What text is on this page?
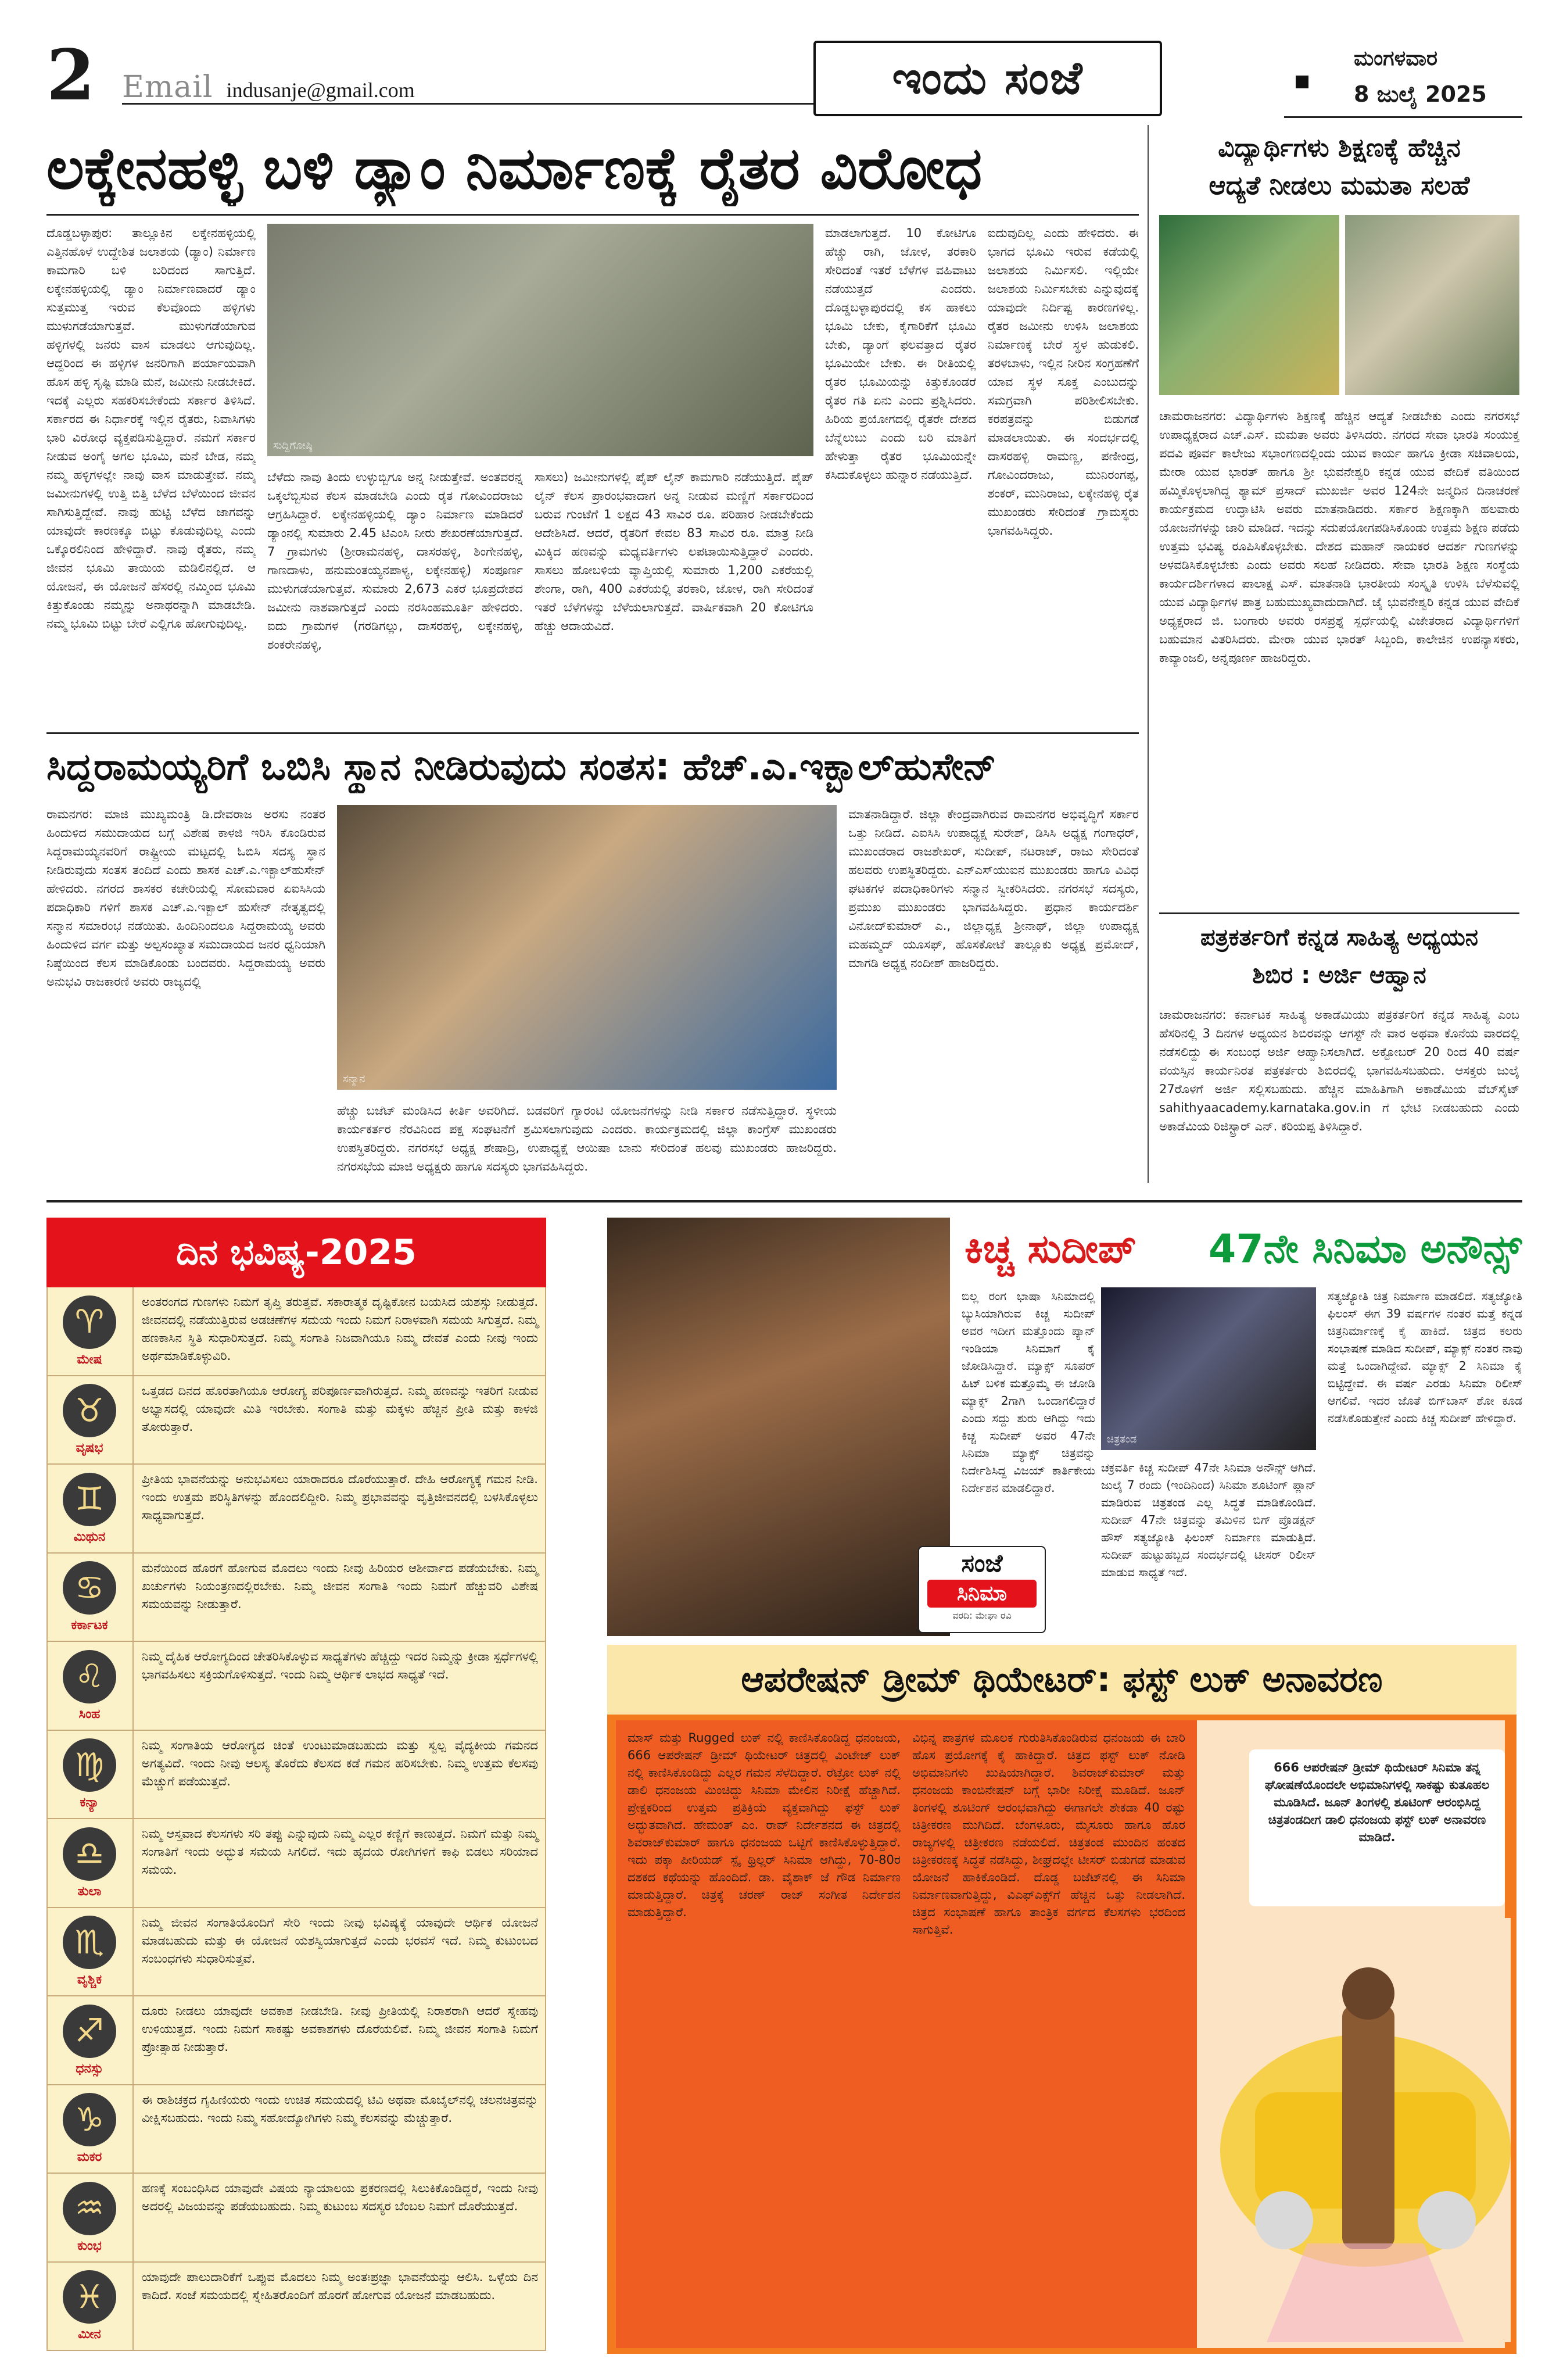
2 Email indusanje@gmail.com	ಇಂದು ಸಂಜೆ	ಮಂಗಳವಾರ
8 ಜುಲೈ 2025
ಲಕ್ಕೇನಹಳ್ಳಿ ಬಳಿ ಡ್ಯಾಂ ನಿರ್ಮಾಣಕ್ಕೆ ರೈತರ ವಿರೋಧ
ದೊಡ್ಡಬಳ್ಳಾಪುರ: ತಾಲ್ಲೂಕಿನ ಲಕ್ಕೇನಹಳ್ಳಿಯಲ್ಲಿ ಎತ್ತಿನಹೊಳೆ ಉದ್ದೇಶಿತ ಜಲಾಶಯ (ಡ್ಯಾಂ) ನಿರ್ಮಾಣ ಕಾಮಗಾರಿ ಬಳಿ ಬರಿದಂದ ಸಾಗುತ್ತಿದೆ. ಲಕ್ಕೇನಹಳ್ಳಿಯಲ್ಲಿ ಡ್ಯಾಂ ನಿರ್ಮಾಣವಾದರೆ ಡ್ಯಾಂ ಸುತ್ತಮುತ್ತ ಇರುವ ಕೆಲವೊಂದು ಹಳ್ಳಿಗಳು ಮುಳುಗಡೆಯಾಗುತ್ತವೆ. ಮುಳುಗಡೆಯಾಗುವ ಹಳ್ಳಿಗಳಲ್ಲಿ ಜನರು ವಾಸ ಮಾಡಲು ಆಗುವುದಿಲ್ಲ. ಆದ್ದರಿಂದ ಈ ಹಳ್ಳಿಗಳ ಜನರಿಗಾಗಿ ಪರ್ಯಾಯವಾಗಿ ಹೊಸ ಹಳ್ಳಿ ಸೃಷ್ಟಿ ಮಾಡಿ ಮನೆ, ಜಮೀನು ನೀಡಬೇಕಿದೆ. ಇದಕ್ಕೆ ಎಲ್ಲರು ಸಹಕರಿಸಬೇಕೆಂದು ಸರ್ಕಾರ ತಿಳಿಸಿದೆ. ಸರ್ಕಾರದ ಈ ನಿರ್ಧಾರಕ್ಕೆ ಇಲ್ಲಿನ ರೈತರು, ನಿವಾಸಿಗಳು ಭಾರಿ ವಿರೋಧ ವ್ಯಕ್ತಪಡಿಸುತ್ತಿದ್ದಾರೆ. ನಮಗೆ ಸರ್ಕಾರ ನೀಡುವ ಅಂಗೈ ಅಗಲ ಭೂಮಿ, ಮನೆ ಬೇಡ, ನಮ್ಮ ನಮ್ಮ ಹಳ್ಳಿಗಳಲ್ಲೇ ನಾವು ವಾಸ ಮಾಡುತ್ತೇವೆ. ನಮ್ಮ ಜಮೀನುಗಳಲ್ಲಿ ಉತ್ತಿ ಬಿತ್ತಿ ಬೆಳೆದ ಬೆಳೆಯಿಂದ ಜೀವನ ಸಾಗಿಸುತ್ತಿದ್ದೇವೆ. ನಾವು ಹುಟ್ಟಿ ಬೆಳೆದ ಜಾಗವನ್ನು ಯಾವುದೇ ಕಾರಣಕ್ಕೂ ಬಿಟ್ಟು ಕೊಡುವುದಿಲ್ಲ ಎಂದು ಒಕ್ಕೊರಲಿನಿಂದ ಹೇಳಿದ್ದಾರೆ. ನಾವು ರೈತರು, ನಮ್ಮ ಜೀವನ ಭೂಮಿ ತಾಯಿಯ ಮಡಿಲಿನಲ್ಲಿದೆ. ಆ ಯೋಜನೆ, ಈ ಯೋಜನೆ ಹೆಸರಲ್ಲಿ ನಮ್ಮಿಂದ ಭೂಮಿ ಕಿತ್ತುಕೊಂಡು ನಮ್ಮನ್ನು ಅನಾಥರನ್ನಾಗಿ ಮಾಡಬೇಡಿ. ನಮ್ಮ ಭೂಮಿ ಬಿಟ್ಟು ಬೇರೆ ಎಲ್ಲಿಗೂ ಹೋಗುವುದಿಲ್ಲ.
ಸುದ್ದಿಗೋಷ್ಠಿ
ಬೆಳೆದು ನಾವು ತಿಂದು ಉಳ್ಳುಬ್ಬಿಗೂ ಅನ್ನ ನೀಡುತ್ತೇವೆ. ಅಂತವರನ್ನ ಒಕ್ಕಲೆಬ್ಬಿಸುವ ಕೆಲಸ ಮಾಡಬೇಡಿ ಎಂದು ರೈತ ಗೋವಿಂದರಾಜು ಆಗ್ರಹಿಸಿದ್ದಾರೆ. ಲಕ್ಕೇನಹಳ್ಳಿಯಲ್ಲಿ ಡ್ಯಾಂ ನಿರ್ಮಾಣ ಮಾಡಿದರೆ ಡ್ಯಾಂನಲ್ಲಿ ಸುಮಾರು 2.45 ಟಿಎಂಸಿ ನೀರು ಶೇಖರಣೆಯಾಗುತ್ತದೆ. 7 ಗ್ರಾಮಗಳು (ಶ್ರೀರಾಮನಹಳ್ಳಿ, ದಾಸರಹಳ್ಳಿ, ಶಿಂಗೇನಹಳ್ಳಿ, ಗಾಣದಾಳು, ಹನುಮಂತಯ್ಯನಪಾಳ್ಯ, ಲಕ್ಕೇನಹಳ್ಳಿ) ಸಂಪೂರ್ಣ ಮುಳುಗಡೆಯಾಗುತ್ತವೆ. ಸುಮಾರು 2,673 ಎಕರೆ ಭೂಪ್ರದೇಶದ ಜಮೀನು ನಾಶವಾಗುತ್ತದೆ ಎಂದು ನರಸಿಂಹಮೂರ್ತಿ ಹೇಳಿದರು. ಐದು ಗ್ರಾಮಗಳ (ಗರಡಿಗಲ್ಲು, ದಾಸರಹಳ್ಳಿ, ಲಕ್ಕೇನಹಳ್ಳಿ, ಶಂಕರೇನಹಳ್ಳಿ,
ಸಾಸಲು) ಜಮೀನುಗಳಲ್ಲಿ ಪೈಪ್ ಲೈನ್ ಕಾಮಗಾರಿ ನಡೆಯುತ್ತಿದೆ. ಪೈಪ್ ಲೈನ್ ಕೆಲಸ ಪ್ರಾರಂಭವಾದಾಗ ಅನ್ನ ನೀಡುವ ಮಣ್ಣಿಗೆ ಸರ್ಕಾರದಿಂದ ಬರುವ ಗುಂಟೆಗೆ 1 ಲಕ್ಷದ 43 ಸಾವಿರ ರೂ. ಪರಿಹಾರ ನೀಡಬೇಕೆಂದು ಆದೇಶಿಸಿದೆ. ಆದರೆ, ರೈತರಿಗೆ ಕೇವಲ 83 ಸಾವಿರ ರೂ. ಮಾತ್ರ ನೀಡಿ ಮಿಕ್ಕಿದ ಹಣವನ್ನು ಮಧ್ಯವರ್ತಿಗಳು ಲಪಟಾಯಿಸುತ್ತಿದ್ದಾರೆ ಎಂದರು. ಸಾಸಲು ಹೋಬಳಿಯ ವ್ಯಾಪ್ತಿಯಲ್ಲಿ ಸುಮಾರು 1,200 ಎಕರೆಯಲ್ಲಿ ಶೇಂಗಾ, ರಾಗಿ, 400 ಎಕರೆಯಲ್ಲಿ ತರಕಾರಿ, ಜೋಳ, ರಾಗಿ ಸೇರಿದಂತೆ ಇತರೆ ಬೆಳೆಗಳನ್ನು ಬೆಳೆಯಲಾಗುತ್ತದೆ. ವಾರ್ಷಿಕವಾಗಿ 20 ಕೋಟಿಗೂ ಹೆಚ್ಚು ಆದಾಯವಿದೆ.
ಮಾಡಲಾಗುತ್ತದೆ. 10 ಕೋಟಿಗೂ ಹೆಚ್ಚು ರಾಗಿ, ಜೋಳ, ತರಕಾರಿ ಸೇರಿದಂತೆ ಇತರೆ ಬೆಳೆಗಳ ವಹಿವಾಟು ನಡೆಯುತ್ತದೆ ಎಂದರು. ದೊಡ್ಡಬಳ್ಳಾಪುರದಲ್ಲಿ ಕಸ ಹಾಕಲು ಭೂಮಿ ಬೇಕು, ಕೈಗಾರಿಕೆಗೆ ಭೂಮಿ ಬೇಕು, ಡ್ಯಾಂಗೆ ಫಲವತ್ತಾದ ರೈತರ ಭೂಮಿಯೇ ಬೇಕು. ಈ ರೀತಿಯಲ್ಲಿ ರೈತರ ಭೂಮಿಯನ್ನು ಕಿತ್ತುಕೊಂಡರೆ ರೈತರ ಗತಿ ಏನು ಎಂದು ಪ್ರಶ್ನಿಸಿದರು. ಹಿರಿಯ ಪ್ರಯೋಗದಲ್ಲಿ ರೈತರೇ ದೇಶದ ಬೆನ್ನೆಲುಬು ಎಂದು ಬರಿ ಮಾತಿಗೆ ಹೇಳುತ್ತಾ ರೈತರ ಭೂಮಿಯನ್ನೇ ಕಸಿದುಕೊಳ್ಳಲು ಹುನ್ನಾರ ನಡೆಯುತ್ತಿದೆ.
ಐದುವುದಿಲ್ಲ ಎಂದು ಹೇಳಿದರು. ಈ ಭಾಗದ ಭೂಮಿ ಇರುವ ಕಡೆಯಲ್ಲಿ ಜಲಾಶಯ ನಿರ್ಮಿಸಲಿ. ಇಲ್ಲಿಯೇ ಜಲಾಶಯ ನಿರ್ಮಿಸಬೇಕು ಎನ್ನುವುದಕ್ಕೆ ಯಾವುದೇ ನಿರ್ದಿಷ್ಟ ಕಾರಣಗಳಿಲ್ಲ. ರೈತರ ಜಮೀನು ಉಳಿಸಿ ಜಲಾಶಯ ನಿರ್ಮಾಣಕ್ಕೆ ಬೇರೆ ಸ್ಥಳ ಹುಡುಕಲಿ. ತರಳಬಾಳು, ಇಲ್ಲಿನ ನೀರಿನ ಸಂಗ್ರಹಣೆಗೆ ಯಾವ ಸ್ಥಳ ಸೂಕ್ತ ಎಂಬುದನ್ನು ಸಮಗ್ರವಾಗಿ ಪರಿಶೀಲಿಸಬೇಕು. ಕರಪತ್ರವನ್ನು ಬಿಡುಗಡೆ ಮಾಡಲಾಯಿತು. ಈ ಸಂದರ್ಭದಲ್ಲಿ ದಾಸರಹಳ್ಳಿ ರಾಮಣ್ಣ, ಪಣೀಂದ್ರ, ಗೋವಿಂದರಾಜು, ಮುನಿರಂಗಪ್ಪ, ಶಂಕರ್, ಮುನಿರಾಜು, ಲಕ್ಕೇನಹಳ್ಳಿ ರೈತ ಮುಖಂಡರು ಸೇರಿದಂತೆ ಗ್ರಾಮಸ್ಥರು ಭಾಗವಹಿಸಿದ್ದರು.
ವಿದ್ಯಾರ್ಥಿಗಳು ಶಿಕ್ಷಣಕ್ಕೆ ಹೆಚ್ಚಿನ
ಆದ್ಯತೆ ನೀಡಲು ಮಮತಾ ಸಲಹೆ
ಚಾಮರಾಜನಗರ: ವಿದ್ಯಾರ್ಥಿಗಳು ಶಿಕ್ಷಣಕ್ಕೆ ಹೆಚ್ಚಿನ ಆದ್ಯತೆ ನೀಡಬೇಕು ಎಂದು ನಗರಸಭೆ ಉಪಾಧ್ಯಕ್ಷರಾದ ಎಚ್.ಎಸ್. ಮಮತಾ ಅವರು ತಿಳಿಸಿದರು. ನಗರದ ಸೇವಾ ಭಾರತಿ ಸಂಯುಕ್ತ ಪದವಿ ಪೂರ್ವ ಕಾಲೇಜು ಸಭಾಂಗಣದಲ್ಲಿಂದು ಯುವ ಕಾರ್ಯ ಹಾಗೂ ಕ್ರೀಡಾ ಸಚಿವಾಲಯ, ಮೇರಾ ಯುವ ಭಾರತ್ ಹಾಗೂ ಶ್ರೀ ಭುವನೇಶ್ವರಿ ಕನ್ನಡ ಯುವ ವೇದಿಕೆ ವತಿಯಿಂದ ಹಮ್ಮಿಕೊಳ್ಳಲಾಗಿದ್ದ ಶ್ಯಾಮ್ ಪ್ರಸಾದ್ ಮುಖರ್ಜಿ ಅವರ 124ನೇ ಜನ್ಮದಿನ ದಿನಾಚರಣೆ ಕಾರ್ಯಕ್ರಮದ ಉದ್ಘಾಟಿಸಿ ಅವರು ಮಾತನಾಡಿದರು. ಸರ್ಕಾರ ಶಿಕ್ಷಣಕ್ಕಾಗಿ ಹಲವಾರು ಯೋಜನೆಗಳನ್ನು ಜಾರಿ ಮಾಡಿದೆ. ಇದನ್ನು ಸದುಪಯೋಗಪಡಿಸಿಕೊಂಡು ಉತ್ತಮ ಶಿಕ್ಷಣ ಪಡೆದು ಉತ್ತಮ ಭವಿಷ್ಯ ರೂಪಿಸಿಕೊಳ್ಳಬೇಕು. ದೇಶದ ಮಹಾನ್ ನಾಯಕರ ಆದರ್ಶ ಗುಣಗಳನ್ನು ಅಳವಡಿಸಿಕೊಳ್ಳಬೇಕು ಎಂದು ಅವರು ಸಲಹೆ ನೀಡಿದರು. ಸೇವಾ ಭಾರತಿ ಶಿಕ್ಷಣ ಸಂಸ್ಥೆಯ ಕಾರ್ಯದರ್ಶಿಗಳಾದ ಪಾಲಾಕ್ಷ ಎಸ್. ಮಾತನಾಡಿ ಭಾರತೀಯ ಸಂಸ್ಕೃತಿ ಉಳಿಸಿ ಬೆಳೆಸುವಲ್ಲಿ ಯುವ ವಿದ್ಯಾರ್ಥಿಗಳ ಪಾತ್ರ ಬಹುಮುಖ್ಯವಾದುದಾಗಿದೆ. ಜೈ ಭುವನೇಶ್ವರಿ ಕನ್ನಡ ಯುವ ವೇದಿಕೆ ಅಧ್ಯಕ್ಷರಾದ ಜಿ. ಬಂಗಾರು ಅವರು ರಸಪ್ರಶ್ನೆ ಸ್ಪರ್ಧೆಯಲ್ಲಿ ವಿಜೇತರಾದ ವಿದ್ಯಾರ್ಥಿಗಳಿಗೆ ಬಹುಮಾನ ವಿತರಿಸಿದರು. ಮೇರಾ ಯುವ ಭಾರತ್ ಸಿಬ್ಬಂದಿ, ಕಾಲೇಜಿನ ಉಪನ್ಯಾಸಕರು, ಕಾವ್ಯಾಂಜಲಿ, ಅನ್ನಪೂರ್ಣ ಹಾಜರಿದ್ದರು.
ಪತ್ರಕರ್ತರಿಗೆ ಕನ್ನಡ ಸಾಹಿತ್ಯ ಅಧ್ಯಯನ
ಶಿಬಿರ : ಅರ್ಜಿ ಆಹ್ವಾನ
ಚಾಮರಾಜನಗರ: ಕರ್ನಾಟಕ ಸಾಹಿತ್ಯ ಅಕಾಡೆಮಿಯು ಪತ್ರಕರ್ತರಿಗೆ ಕನ್ನಡ ಸಾಹಿತ್ಯ ಎಂಬ ಹೆಸರಿನಲ್ಲಿ 3 ದಿನಗಳ ಅಧ್ಯಯನ ಶಿಬಿರವನ್ನು ಆಗಸ್ಟ್ ನೇ ವಾರ ಅಥವಾ ಕೊನೆಯ ವಾರದಲ್ಲಿ ನಡೆಸಲಿದ್ದು ಈ ಸಂಬಂಧ ಅರ್ಜಿ ಆಹ್ವಾನಿಸಲಾಗಿದೆ. ಅಕ್ಟೋಬರ್ 20 ರಿಂದ 40 ವರ್ಷ ವಯಸ್ಸಿನ ಕಾರ್ಯನಿರತ ಪತ್ರಕರ್ತರು ಶಿಬಿರದಲ್ಲಿ ಭಾಗವಹಿಸಬಹುದು. ಆಸಕ್ತರು ಜುಲೈ 27ರೊಳಗೆ ಅರ್ಜಿ ಸಲ್ಲಿಸಬಹುದು. ಹೆಚ್ಚಿನ ಮಾಹಿತಿಗಾಗಿ ಅಕಾಡೆಮಿಯ ವೆಬ್‌ಸೈಟ್ sahithyaacademy.karnataka.gov.in ಗೆ ಭೇಟಿ ನೀಡಬಹುದು ಎಂದು ಅಕಾಡೆಮಿಯ ರಿಜಿಸ್ಟ್ರಾರ್ ಎನ್. ಕರಿಯಪ್ಪ ತಿಳಿಸಿದ್ದಾರೆ.
ಸಿದ್ದರಾಮಯ್ಯರಿಗೆ ಒಬಿಸಿ ಸ್ಥಾನ ನೀಡಿರುವುದು ಸಂತಸ: ಹೆಚ್.ಎ.ಇಕ್ಬಾಲ್‌ಹುಸೇನ್
ರಾಮನಗರ: ಮಾಜಿ ಮುಖ್ಯಮಂತ್ರಿ ಡಿ.ದೇವರಾಜ ಅರಸು ನಂತರ ಹಿಂದುಳಿದ ಸಮುದಾಯದ ಬಗ್ಗೆ ವಿಶೇಷ ಕಾಳಜಿ ಇರಿಸಿ ಕೊಂಡಿರುವ ಸಿದ್ದರಾಮಯ್ಯನವರಿಗೆ ರಾಷ್ಟ್ರೀಯ ಮಟ್ಟದಲ್ಲಿ ಓಬಿಸಿ ಸದಸ್ಯ ಸ್ಥಾನ ನೀಡಿರುವುದು ಸಂತಸ ತಂದಿದೆ ಎಂದು ಶಾಸಕ ಎಚ್.ಎ.ಇಕ್ಬಾಲ್‌ಹುಸೇನ್ ಹೇಳಿದರು. ನಗರದ ಶಾಸಕರ ಕಚೇರಿಯಲ್ಲಿ ಸೋಮವಾರ ಏಐಸಿಸಿಯ ಪದಾಧಿಕಾರಿ ಗಳಿಗೆ ಶಾಸಕ ಎಚ್.ಎ.ಇಕ್ಬಾಲ್ ಹುಸೇನ್ ನೇತೃತ್ವದಲ್ಲಿ ಸನ್ಮಾನ ಸಮಾರಂಭ ನಡೆಯಿತು. ಹಿಂದಿನಿಂದಲೂ ಸಿದ್ದರಾಮಯ್ಯ ಅವರು ಹಿಂದುಳಿದ ವರ್ಗ ಮತ್ತು ಅಲ್ಪಸಂಖ್ಯಾತ ಸಮುದಾಯದ ಜನರ ಧ್ವನಿಯಾಗಿ ನಿಷ್ಠೆಯಿಂದ ಕೆಲಸ ಮಾಡಿಕೊಂಡು ಬಂದವರು. ಸಿದ್ದರಾಮಯ್ಯ ಅವರು ಅನುಭವಿ ರಾಜಕಾರಣಿ ಅವರು ರಾಜ್ಯದಲ್ಲಿ
ಸನ್ಮಾನ
ಹೆಚ್ಚು ಬಜೆಟ್ ಮಂಡಿಸಿದ ಕೀರ್ತಿ ಅವರಿಗಿದೆ. ಬಡವರಿಗೆ ಗ್ಯಾರಂಟಿ ಯೋಜನೆಗಳನ್ನು ನೀಡಿ ಸರ್ಕಾರ ನಡೆಸುತ್ತಿದ್ದಾರೆ. ಸ್ಥಳೀಯ ಕಾರ್ಯಕರ್ತರ ನೆರವಿನಿಂದ ಪಕ್ಷ ಸಂಘಟನೆಗೆ ಶ್ರಮಿಸಲಾಗುವುದು ಎಂದರು. ಕಾರ್ಯಕ್ರಮದಲ್ಲಿ ಜಿಲ್ಲಾ ಕಾಂಗ್ರೆಸ್ ಮುಖಂಡರು ಉಪಸ್ಥಿತರಿದ್ದರು. ನಗರಸಭೆ ಅಧ್ಯಕ್ಷ ಶೇಷಾದ್ರಿ, ಉಪಾಧ್ಯಕ್ಷೆ ಆಯಿಷಾ ಬಾನು ಸೇರಿದಂತೆ ಹಲವು ಮುಖಂಡರು ಹಾಜರಿದ್ದರು. ನಗರಸಭೆಯ ಮಾಜಿ ಅಧ್ಯಕ್ಷರು ಹಾಗೂ ಸದಸ್ಯರು ಭಾಗವಹಿಸಿದ್ದರು.
ಮಾತನಾಡಿದ್ದಾರೆ. ಜಿಲ್ಲಾ ಕೇಂದ್ರವಾಗಿರುವ ರಾಮನಗರ ಅಭಿವೃದ್ಧಿಗೆ ಸರ್ಕಾರ ಒತ್ತು ನೀಡಿದೆ. ಎಐಸಿಸಿ ಉಪಾಧ್ಯಕ್ಷ ಸುರೇಶ್, ಡಿಸಿಸಿ ಅಧ್ಯಕ್ಷ ಗಂಗಾಧರ್, ಮುಖಂಡರಾದ ರಾಜಶೇಖರ್, ಸುದೀಪ್, ನಟರಾಜ್, ರಾಜು ಸೇರಿದಂತೆ ಹಲವರು ಉಪಸ್ಥಿತರಿದ್ದರು. ಎನ್‌ಎಸ್‌ಯುಐನ ಮುಖಂಡರು ಹಾಗೂ ವಿವಿಧ ಘಟಕಗಳ ಪದಾಧಿಕಾರಿಗಳು ಸನ್ಮಾನ ಸ್ವೀಕರಿಸಿದರು. ನಗರಸಭೆ ಸದಸ್ಯರು, ಪ್ರಮುಖ ಮುಖಂಡರು ಭಾಗವಹಿಸಿದ್ದರು. ಪ್ರಧಾನ ಕಾರ್ಯದರ್ಶಿ ವಿನೋದ್‌ಕುಮಾರ್ ಎ., ಜಿಲ್ಲಾಧ್ಯಕ್ಷ ಶ್ರೀನಾಥ್, ಜಿಲ್ಲಾ ಉಪಾಧ್ಯಕ್ಷ ಮಹಮ್ಮದ್ ಯೂಸಫ್, ಹೊಸಕೋಟೆ ತಾಲ್ಲೂಕು ಅಧ್ಯಕ್ಷ ಪ್ರಮೋದ್, ಮಾಗಡಿ ಅಧ್ಯಕ್ಷ ನಂದೀಶ್ ಹಾಜರಿದ್ದರು.
ದಿನ ಭವಿಷ್ಯ-2025
♈
ಮೇಷ
ಅಂತರಂಗದ ಗುಣಗಳು ನಿಮಗೆ ತೃಪ್ತಿ ತರುತ್ತವೆ. ಸಕಾರಾತ್ಮಕ ದೃಷ್ಟಿಕೋನ ಬಯಸಿದ ಯಶಸ್ಸು ನೀಡುತ್ತದೆ. ಜೀವನದಲ್ಲಿ ನಡೆಯುತ್ತಿರುವ ಅಡಚಣೆಗಳ ಸಮಯ ಇಂದು ನಿಮಗೆ ನಿರಾಳವಾಗಿ ಸಮಯ ಸಿಗುತ್ತದೆ. ನಿಮ್ಮ ಹಣಕಾಸಿನ ಸ್ಥಿತಿ ಸುಧಾರಿಸುತ್ತದೆ. ನಿಮ್ಮ ಸಂಗಾತಿ ನಿಜವಾಗಿಯೂ ನಿಮ್ಮ ದೇವತೆ ಎಂದು ನೀವು ಇಂದು ಅರ್ಥಮಾಡಿಕೊಳ್ಳುವಿರಿ.
♉
ವೃಷಭ
ಒತ್ತಡದ ದಿನದ ಹೊರತಾಗಿಯೂ ಆರೋಗ್ಯ ಪರಿಪೂರ್ಣವಾಗಿರುತ್ತದೆ. ನಿಮ್ಮ ಹಣವನ್ನು ಇತರಿಗೆ ನೀಡುವ ಅಭ್ಯಾಸದಲ್ಲಿ ಯಾವುದೇ ಮಿತಿ ಇರಬೇಕು. ಸಂಗಾತಿ ಮತ್ತು ಮಕ್ಕಳು ಹೆಚ್ಚಿನ ಪ್ರೀತಿ ಮತ್ತು ಕಾಳಜಿ ತೋರುತ್ತಾರೆ.
♊
ಮಿಥುನ
ಪ್ರೀತಿಯ ಭಾವನೆಯನ್ನು ಅನುಭವಿಸಲು ಯಾರಾದರೂ ದೊರೆಯುತ್ತಾರೆ. ದೇಹಿ ಆರೋಗ್ಯಕ್ಕೆ ಗಮನ ನೀಡಿ. ಇಂದು ಉತ್ತಮ ಪರಿಸ್ಥಿತಿಗಳನ್ನು ಹೊಂದಲಿದ್ದೀರಿ. ನಿಮ್ಮ ಪ್ರಭಾವವನ್ನು ವೃತ್ತಿಜೀವನದಲ್ಲಿ ಬಳಸಿಕೊಳ್ಳಲು ಸಾಧ್ಯವಾಗುತ್ತದೆ.
♋
ಕರ್ಕಾಟಕ
ಮನೆಯಿಂದ ಹೊರಗೆ ಹೋಗುವ ಮೊದಲು ಇಂದು ನೀವು ಹಿರಿಯರ ಆಶೀರ್ವಾದ ಪಡೆಯಬೇಕು. ನಿಮ್ಮ ಖರ್ಚುಗಳು ನಿಯಂತ್ರಣದಲ್ಲಿರಬೇಕು. ನಿಮ್ಮ ಜೀವನ ಸಂಗಾತಿ ಇಂದು ನಿಮಗೆ ಹೆಚ್ಚುವರಿ ವಿಶೇಷ ಸಮಯವನ್ನು ನೀಡುತ್ತಾರೆ.
♌
ಸಿಂಹ
ನಿಮ್ಮ ದೈಹಿಕ ಆರೋಗ್ಯದಿಂದ ಚೇತರಿಸಿಕೊಳ್ಳುವ ಸಾಧ್ಯತೆಗಳು ಹೆಚ್ಚಿದ್ದು ಇದರ ನಿಮ್ಮನ್ನು ಕ್ರೀಡಾ ಸ್ಪರ್ಧೆಗಳಲ್ಲಿ ಭಾಗವಹಿಸಲು ಸಕ್ರಿಯಗೊಳಿಸುತ್ತದೆ. ಇಂದು ನಿಮ್ಮ ಆರ್ಥಿಕ ಲಾಭದ ಸಾಧ್ಯತೆ ಇದೆ.
♍
ಕನ್ಯಾ
ನಿಮ್ಮ ಸಂಗಾತಿಯ ಆರೋಗ್ಯದ ಚಿಂತೆ ಉಂಟುಮಾಡಬಹುದು ಮತ್ತು ಸ್ವಲ್ಪ ವೈದ್ಯಕೀಯ ಗಮನದ ಅಗತ್ಯವಿದೆ. ಇಂದು ನೀವು ಆಲಸ್ಯ ತೊರೆದು ಕೆಲಸದ ಕಡೆ ಗಮನ ಹರಿಸಬೇಕು. ನಿಮ್ಮ ಉತ್ತಮ ಕೆಲಸವು ಮೆಚ್ಚುಗೆ ಪಡೆಯುತ್ತದೆ.
♎
ತುಲಾ
ನಿಮ್ಮ ಆಸ್ತವಾದ ಕೆಲಸಗಳು ಸರಿ ತಪ್ಪು ಎನ್ನುವುದು ನಿಮ್ಮ ಎಲ್ಲರ ಕಣ್ಣಿಗೆ ಕಾಣುತ್ತದೆ. ನಿಮಗೆ ಮತ್ತು ನಿಮ್ಮ ಸಂಗಾತಿಗೆ ಇಂದು ಅದ್ಭುತ ಸಮಯ ಸಿಗಲಿದೆ. ಇದು ಹೃದಯ ರೋಗಿಗಳಿಗೆ ಕಾಫಿ ಬಿಡಲು ಸರಿಯಾದ ಸಮಯ.
♏
ವೃಶ್ಚಿಕ
ನಿಮ್ಮ ಜೀವನ ಸಂಗಾತಿಯೊಂದಿಗೆ ಸೇರಿ ಇಂದು ನೀವು ಭವಿಷ್ಯಕ್ಕೆ ಯಾವುದೇ ಆರ್ಥಿಕ ಯೋಜನೆ ಮಾಡಬಹುದು ಮತ್ತು ಈ ಯೋಜನೆ ಯಶಸ್ವಿಯಾಗುತ್ತದೆ ಎಂದು ಭರವಸೆ ಇದೆ. ನಿಮ್ಮ ಕುಟುಂಬದ ಸಂಬಂಧಗಳು ಸುಧಾರಿಸುತ್ತವೆ.
♐
ಧನಸ್ಸು
ದೂರು ನೀಡಲು ಯಾವುದೇ ಅವಕಾಶ ನೀಡಬೇಡಿ. ನೀವು ಪ್ರೀತಿಯಲ್ಲಿ ನಿರಾಶರಾಗಿ ಆದರೆ ಸ್ನೇಹವು ಉಳಿಯುತ್ತದೆ. ಇಂದು ನಿಮಗೆ ಸಾಕಷ್ಟು ಅವಕಾಶಗಳು ದೊರೆಯಲಿವೆ. ನಿಮ್ಮ ಜೀವನ ಸಂಗಾತಿ ನಿಮಗೆ ಪ್ರೋತ್ಸಾಹ ನೀಡುತ್ತಾರೆ.
♑
ಮಕರ
ಈ ರಾಶಿಚಕ್ರದ ಗೃಹಿಣಿಯರು ಇಂದು ಉಚಿತ ಸಮಯದಲ್ಲಿ ಟಿವಿ ಅಥವಾ ಮೊಬೈಲ್‌ನಲ್ಲಿ ಚಲನಚಿತ್ರವನ್ನು ವೀಕ್ಷಿಸಬಹುದು. ಇಂದು ನಿಮ್ಮ ಸಹೋದ್ಯೋಗಿಗಳು ನಿಮ್ಮ ಕೆಲಸವನ್ನು ಮೆಚ್ಚುತ್ತಾರೆ.
♒
ಕುಂಭ
ಹಣಕ್ಕೆ ಸಂಬಂಧಿಸಿದ ಯಾವುದೇ ವಿಷಯ ನ್ಯಾಯಾಲಯ ಪ್ರಕರಣದಲ್ಲಿ ಸಿಲುಕಿಕೊಂಡಿದ್ದರೆ, ಇಂದು ನೀವು ಅದರಲ್ಲಿ ವಿಜಯವನ್ನು ಪಡೆಯಬಹುದು. ನಿಮ್ಮ ಕುಟುಂಬ ಸದಸ್ಯರ ಬೆಂಬಲ ನಿಮಗೆ ದೊರೆಯುತ್ತದೆ.
♓
ಮೀನ
ಯಾವುದೇ ಪಾಲುದಾರಿಕೆಗೆ ಒಪ್ಪುವ ಮೊದಲು ನಿಮ್ಮ ಅಂತಃಪ್ರಜ್ಞಾ ಭಾವನೆಯನ್ನು ಆಲಿಸಿ. ಒಳ್ಳೆಯ ದಿನ ಕಾದಿದೆ. ಸಂಜೆ ಸಮಯದಲ್ಲಿ ಸ್ನೇಹಿತರೊಂದಿಗೆ ಹೊರಗೆ ಹೋಗುವ ಯೋಜನೆ ಮಾಡಬಹುದು.
ಕಿಚ್ಚ ಸುದೀಪ್	47ನೇ ಸಿನಿಮಾ ಅನೌನ್ಸ್
ಬಿಲ್ಲ ರಂಗ ಭಾಷಾ ಸಿನಿಮಾದಲ್ಲಿ ಬ್ಯುಸಿಯಾಗಿರುವ ಕಿಚ್ಚ ಸುದೀಪ್ ಅವರ ಇದೀಗ ಮತ್ತೊಂದು ಪ್ಯಾನ್ ಇಂಡಿಯಾ ಸಿನಿಮಾಗೆ ಕೈ ಜೋಡಿಸಿದ್ದಾರೆ. ಮ್ಯಾಕ್ಸ್ ಸೂಪರ್ ಹಿಟ್ ಬಳಿಕ ಮತ್ತೊಮ್ಮೆ ಈ ಜೋಡಿ ಮ್ಯಾಕ್ಸ್ 2ಗಾಗಿ ಒಂದಾಗಲಿದ್ದಾರೆ ಎಂದು ಸದ್ದು ಶುರು ಆಗಿದ್ದು ಇದು ಕಿಚ್ಚ ಸುದೀಪ್ ಅವರ 47ನೇ ಸಿನಿಮಾ ಮ್ಯಾಕ್ಸ್ ಚಿತ್ರವನ್ನು ನಿರ್ದೇಶಿಸಿದ್ದ ವಿಜಯ್ ಕಾರ್ತಿಕೇಯ ನಿರ್ದೇಶನ ಮಾಡಲಿದ್ದಾರೆ.
ಚಿತ್ರತಂಡ
ಚಕ್ರವರ್ತಿ ಕಿಚ್ಚ ಸುದೀಪ್ 47ನೇ ಸಿನಿಮಾ ಅನೌನ್ಸ್ ಆಗಿದೆ. ಜುಲೈ 7 ರಂದು (ಇಂದಿನಿಂದ) ಸಿನಿಮಾ ಶೂಟಿಂಗ್ ಪ್ಲಾನ್ ಮಾಡಿರುವ ಚಿತ್ರತಂಡ ಎಲ್ಲ ಸಿದ್ಧತೆ ಮಾಡಿಕೊಂಡಿದೆ. ಸುದೀಪ್ 47ನೇ ಚಿತ್ರವನ್ನು ತಮಿಳಿನ ಬಿಗ್ ಪ್ರೊಡಕ್ಷನ್ ಹೌಸ್ ಸತ್ಯಜ್ಯೋತಿ ಫಿಲಂಸ್ ನಿರ್ಮಾಣ ಮಾಡುತ್ತಿದೆ. ಸುದೀಪ್ ಹುಟ್ಟುಹಬ್ಬದ ಸಂದರ್ಭದಲ್ಲಿ ಟೀಸರ್ ರಿಲೀಸ್ ಮಾಡುವ ಸಾಧ್ಯತೆ ಇದೆ.
ಸತ್ಯಜ್ಯೋತಿ ಚಿತ್ರ ನಿರ್ಮಾಣ ಮಾಡಲಿದೆ. ಸತ್ಯಜ್ಯೋತಿ ಫಿಲಂಸ್ ಈಗ 39 ವರ್ಷಗಳ ನಂತರ ಮತ್ತೆ ಕನ್ನಡ ಚಿತ್ರನಿರ್ಮಾಣಕ್ಕೆ ಕೈ ಹಾಕಿದೆ. ಚಿತ್ರದ ಕಲರು ಸಂಭಾಷಣೆ ಮಾಡಿದ ಸುದೀಪ್, ಮ್ಯಾಕ್ಸ್ ನಂತರ ನಾವು ಮತ್ತೆ ಒಂದಾಗಿದ್ದೇವೆ. ಮ್ಯಾಕ್ಸ್ 2 ಸಿನಿಮಾ ಕೈ ಬಿಟ್ಟಿದ್ದೇವೆ. ಈ ವರ್ಷ ಎರಡು ಸಿನಿಮಾ ರಿಲೀಸ್ ಆಗಲಿವೆ. ಇದರ ಜೊತೆ ಬಿಗ್‌ಬಾಸ್ ಶೋ ಕೂಡ ನಡೆಸಿಕೊಡುತ್ತೇನೆ ಎಂದು ಕಿಚ್ಚ ಸುದೀಪ್ ಹೇಳಿದ್ದಾರೆ.
ಸಂಜೆ
ಸಿನಿಮಾ
ವರದಿ: ಮೇಘಾ ರವಿ
ಆಪರೇಷನ್ ಡ್ರೀಮ್ ಥಿಯೇಟರ್: ಫಸ್ಟ್ ಲುಕ್ ಅನಾವರಣ
ಮಾಸ್ ಮತ್ತು Rugged ಲುಕ್ ನಲ್ಲಿ ಕಾಣಿಸಿಕೊಂಡಿದ್ದ ಧನಂಜಯ, 666 ಆಪರೇಷನ್ ಡ್ರೀಮ್ ಥಿಯೇಟರ್ ಚಿತ್ರದಲ್ಲಿ ವಿಂಟೇಜ್ ಲುಕ್ ನಲ್ಲಿ ಕಾಣಿಸಿಕೊಂಡಿದ್ದು ಎಲ್ಲರ ಗಮನ ಸೆಳೆದಿದ್ದಾರೆ. ರೆಟ್ರೋ ಲುಕ್ ನಲ್ಲಿ ಡಾಲಿ ಧನಂಜಯ ಮಿಂಚಿದ್ದು ಸಿನಿಮಾ ಮೇಲಿನ ನಿರೀಕ್ಷೆ ಹೆಚ್ಚಾಗಿದೆ. ಪ್ರೇಕ್ಷಕರಿಂದ ಉತ್ತಮ ಪ್ರತಿಕ್ರಿಯೆ ವ್ಯಕ್ತವಾಗಿದ್ದು ಫಸ್ಟ್ ಲುಕ್ ಅದ್ಭುತವಾಗಿದೆ. ಹೇಮಂತ್ ಎಂ. ರಾವ್ ನಿರ್ದೇಶನದ ಈ ಚಿತ್ರದಲ್ಲಿ ಶಿವರಾಜ್‌ಕುಮಾರ್ ಹಾಗೂ ಧನಂಜಯ ಒಟ್ಟಿಗೆ ಕಾಣಿಸಿಕೊಳ್ಳುತ್ತಿದ್ದಾರೆ. ಇದು ಪಕ್ಕಾ ಪೀರಿಯಡ್ ಸ್ಪೈ ಥ್ರಿಲ್ಲರ್ ಸಿನಿಮಾ ಆಗಿದ್ದು, 70-80ರ ದಶಕದ ಕಥೆಯನ್ನು ಹೊಂದಿದೆ. ಡಾ. ವೈಶಾಕ್ ಜೆ ಗೌಡ ನಿರ್ಮಾಣ ಮಾಡುತ್ತಿದ್ದಾರೆ. ಚಿತ್ರಕ್ಕೆ ಚರಣ್ ರಾಜ್ ಸಂಗೀತ ನಿರ್ದೇಶನ ಮಾಡುತ್ತಿದ್ದಾರೆ.
ವಿಭಿನ್ನ ಪಾತ್ರಗಳ ಮೂಲಕ ಗುರುತಿಸಿಕೊಂಡಿರುವ ಧನಂಜಯ ಈ ಬಾರಿ ಹೊಸ ಪ್ರಯೋಗಕ್ಕೆ ಕೈ ಹಾಕಿದ್ದಾರೆ. ಚಿತ್ರದ ಫಸ್ಟ್ ಲುಕ್ ನೋಡಿ ಅಭಿಮಾನಿಗಳು ಖುಷಿಯಾಗಿದ್ದಾರೆ. ಶಿವರಾಜ್‌ಕುಮಾರ್ ಮತ್ತು ಧನಂಜಯ ಕಾಂಬಿನೇಷನ್ ಬಗ್ಗೆ ಭಾರೀ ನಿರೀಕ್ಷೆ ಮೂಡಿದೆ. ಜೂನ್ ತಿಂಗಳಲ್ಲಿ ಶೂಟಿಂಗ್ ಆರಂಭವಾಗಿದ್ದು ಈಗಾಗಲೇ ಶೇಕಡಾ 40 ರಷ್ಟು ಚಿತ್ರೀಕರಣ ಮುಗಿದಿದೆ. ಬೆಂಗಳೂರು, ಮೈಸೂರು ಹಾಗೂ ಹೊರ ರಾಜ್ಯಗಳಲ್ಲಿ ಚಿತ್ರೀಕರಣ ನಡೆಯಲಿದೆ. ಚಿತ್ರತಂಡ ಮುಂದಿನ ಹಂತದ ಚಿತ್ರೀಕರಣಕ್ಕೆ ಸಿದ್ಧತೆ ನಡೆಸಿದ್ದು, ಶೀಘ್ರದಲ್ಲೇ ಟೀಸರ್ ಬಿಡುಗಡೆ ಮಾಡುವ ಯೋಜನೆ ಹಾಕಿಕೊಂಡಿದೆ. ದೊಡ್ಡ ಬಜೆಟ್‌ನಲ್ಲಿ ಈ ಸಿನಿಮಾ ನಿರ್ಮಾಣವಾಗುತ್ತಿದ್ದು, ವಿಎಫ್‌ಎಕ್ಸ್‌ಗೆ ಹೆಚ್ಚಿನ ಒತ್ತು ನೀಡಲಾಗಿದೆ. ಚಿತ್ರದ ಸಂಭಾಷಣೆ ಹಾಗೂ ತಾಂತ್ರಿಕ ವರ್ಗದ ಕೆಲಸಗಳು ಭರದಿಂದ ಸಾಗುತ್ತಿವೆ.
666 ಆಪರೇಷನ್ ಡ್ರೀಮ್ ಥಿಯೇಟರ್ ಸಿನಿಮಾ ತನ್ನ ಘೋಷಣೆಯೊಂದಲೇ ಅಭಿಮಾನಿಗಳಲ್ಲಿ ಸಾಕಷ್ಟು ಕುತೂಹಲ ಮೂಡಿಸಿದೆ. ಜೂನ್ ತಿಂಗಳಲ್ಲಿ ಶೂಟಿಂಗ್ ಆರಂಭಿಸಿದ್ದ ಚಿತ್ರತಂಡದೀಗ ಡಾಲಿ ಧನಂಜಯ ಫಸ್ಟ್ ಲುಕ್ ಅನಾವರಣ ಮಾಡಿದೆ.
